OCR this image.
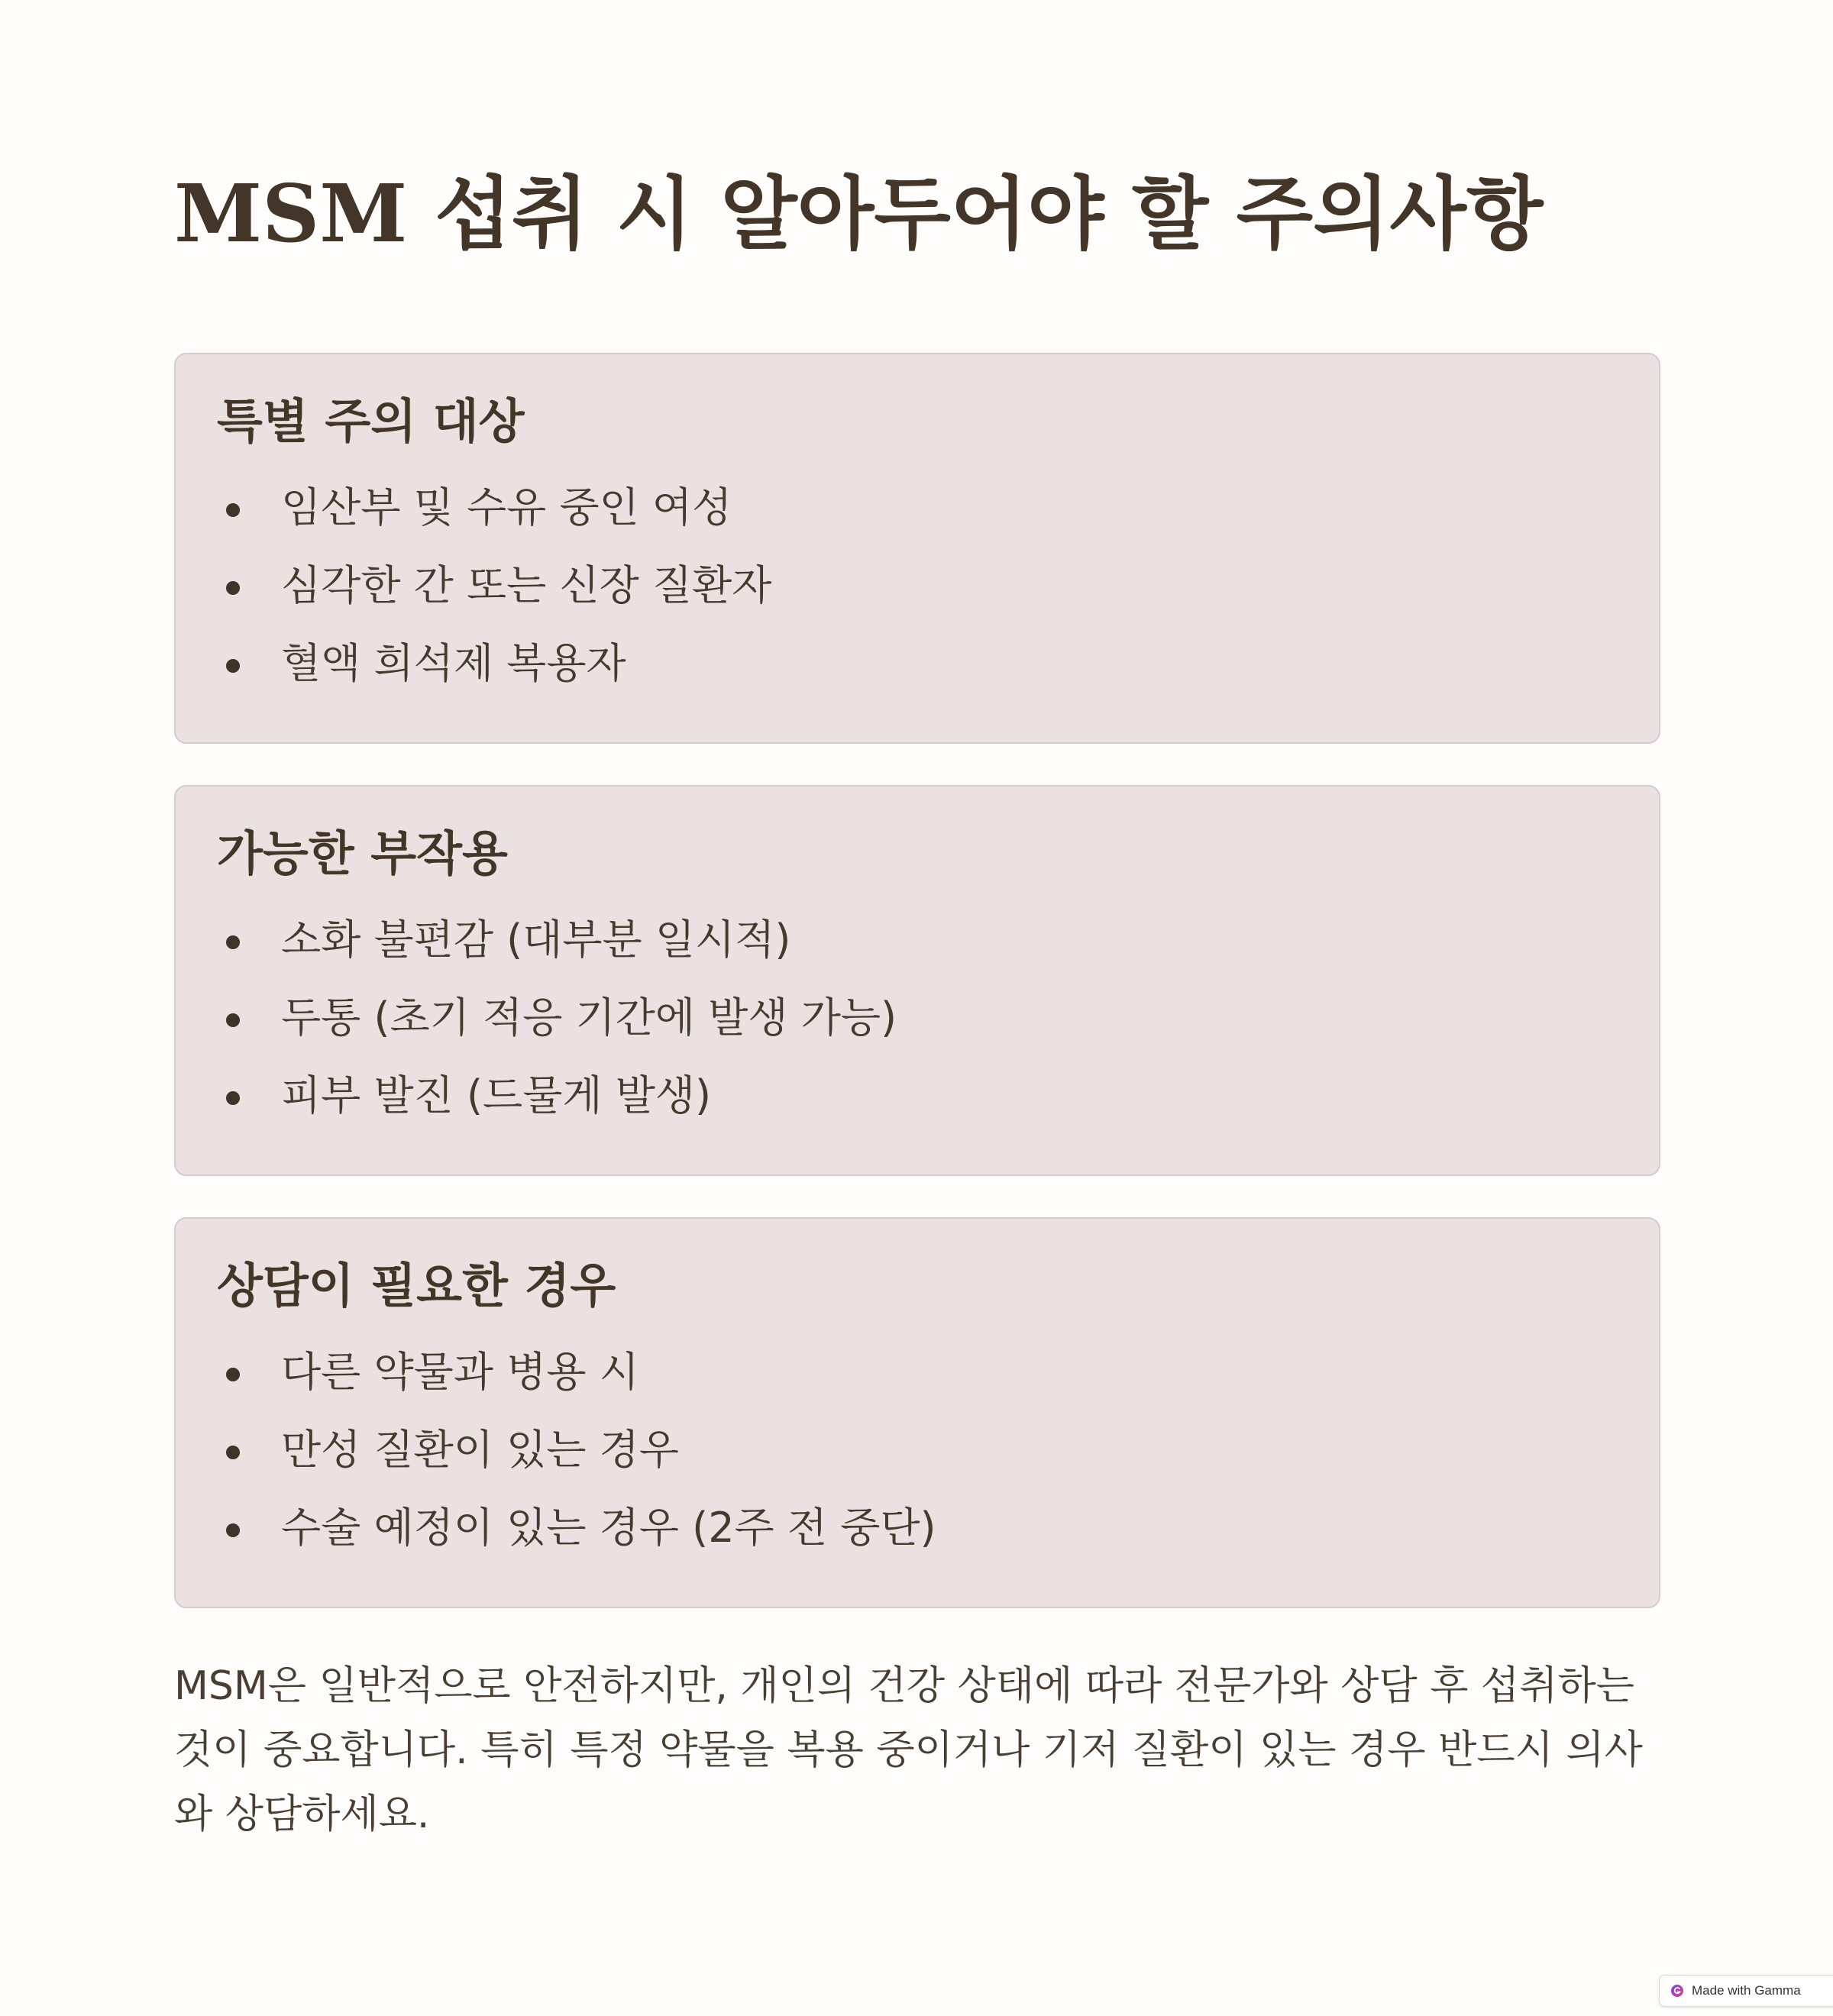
MSM 섭취 시 알아두어야 할 주의사항
특별 주의 대상
임산부 및 수유 중인 여성
심각한 간 또는 신장 질환자
혈액 희석제 복용자
가능한 부작용
소화 불편감 (대부분 일시적)
두통 (초기 적응 기간에 발생 가능)
피부 발진 (드물게 발생)
상담이 필요한 경우
다른 약물과 병용 시
만성 질환이 있는 경우
수술 예정이 있는 경우 (2주 전 중단)

MSM은 일반적으로 안전하지만, 개인의 건강 상태에 따라 전문가와 상담 후 섭취하는 것이 중요합니다. 특히 특정 약물을 복용 중이거나 기저 질환이 있는 경우 반드시 의사와 상담하세요.

Made with Gamma
